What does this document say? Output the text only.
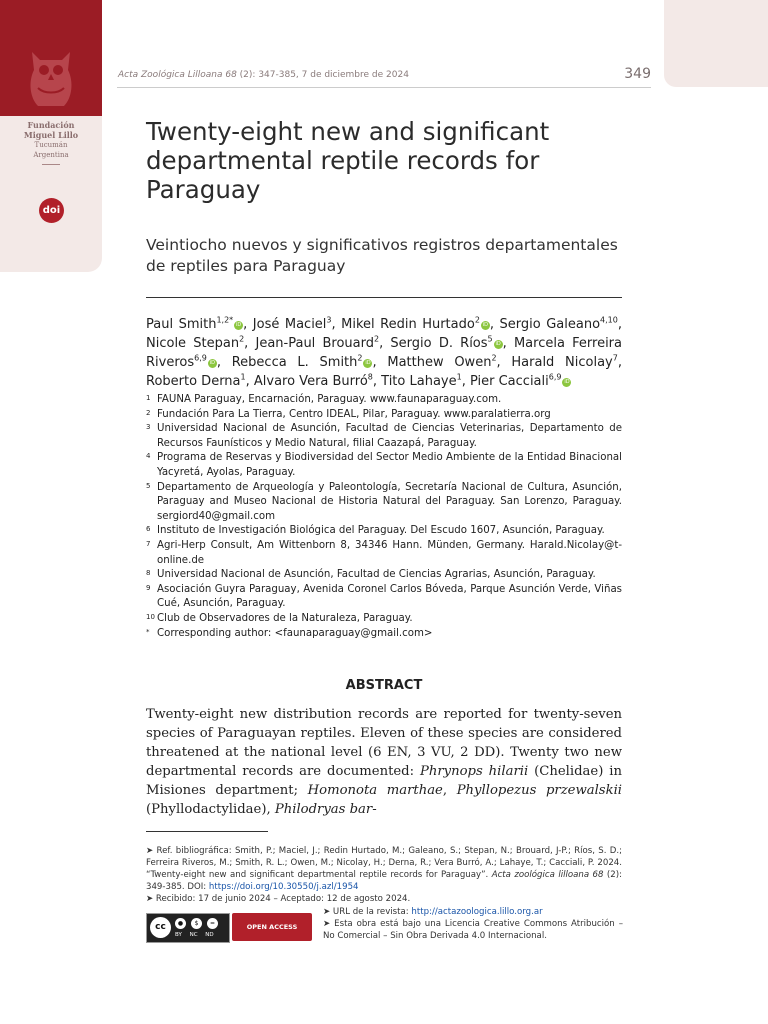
Fundación
Miguel Lillo
Tucumán
Argentina
doi
Acta Zoológica Lilloana 68 (2): 347-385, 7 de diciembre de 2024	349
Twenty-eight new and significant departmental reptile records for Paraguay
Veintiocho nuevos y significativos registros departamentales de reptiles para Paraguay
Paul Smith$^{1,2*}$iD , José Maciel$^3$, Mikel Redin Hurtado$^2$iD , Sergio Galeano$^{4,10}$, Nicole Stepan$^2$, Jean-Paul Brouard$^2$, Sergio D. Ríos$^5$iD , Marcela Ferreira Riveros$^{6,9}$iD , Rebecca L. Smith$^2$iD , Matthew Owen$^2$, Harald Nicolay$^7$, Roberto Derna$^1$, Alvaro Vera Burró$^8$, Tito Lahaye$^1$, Pier Cacciali$^{6,9}$iD
1 FAUNA Paraguay, Encarnación, Paraguay. www.faunaparaguay.com.
2 Fundación Para La Tierra, Centro IDEAL, Pilar, Paraguay. www.paralatierra.org
3 Universidad Nacional de Asunción, Facultad de Ciencias Veterinarias, Departamento de Recursos Faunísticos y Medio Natural, filial Caazapá, Paraguay.
4 Programa de Reservas y Biodiversidad del Sector Medio Ambiente de la Entidad Binacional Yacyretá, Ayolas, Paraguay.
5 Departamento de Arqueología y Paleontología, Secretaría Nacional de Cultura, Asunción, Paraguay and Museo Nacional de Historia Natural del Paraguay. San Lorenzo, Paraguay. sergiord40@gmail.com
6 Instituto de Investigación Biológica del Paraguay. Del Escudo 1607, Asunción, Paraguay.
7 Agri-Herp Consult, Am Wittenborn 8, 34346 Hann. Münden, Germany. Harald.Nicolay@t-online.de
8 Universidad Nacional de Asunción, Facultad de Ciencias Agrarias, Asunción, Paraguay.
9 Asociación Guyra Paraguay, Avenida Coronel Carlos Bóveda, Parque Asunción Verde, Viñas Cué, Asunción, Paraguay.
10 Club de Observadores de la Naturaleza, Paraguay.
* Corresponding author: <faunaparaguay@gmail.com>
ABSTRACT
Twenty-eight new distribution records are reported for twenty-seven species of Paraguayan reptiles. Eleven of these species are considered threatened at the national level (6 EN, 3 VU, 2 DD). Twenty two new departmental records are documented: Phrynops hilarii (Chelidae) in Misiones department; Homonota marthae, Phyllopezus przewalskii (Phyllodactylidae), Philodryas bar-
➤ Ref. bibliográfica: Smith, P.; Maciel, J.; Redin Hurtado, M.; Galeano, S.; Stepan, N.; Brouard, J-P.; Ríos, S. D.; Ferreira Riveros, M.; Smith, R. L.; Owen, M.; Nicolay, H.; Derna, R.; Vera Burró, A.; Lahaye, T.; Cacciali, P. 2024. “Twenty-eight new and significant departmental reptile records for Paraguay”. Acta zoológica lilloana 68 (2): 349-385. DOI: https://doi.org/10.30550/j.azl/1954
➤ Recibido: 17 de junio 2024 – Aceptado: 12 de agosto 2024.
cc	●	$	=
BY NC ND
OPEN ACCESS
➤ URL de la revista: http://actazoologica.lillo.org.ar
➤ Esta obra está bajo una Licencia Creative Commons Atribución – No Comercial – Sin Obra Derivada 4.0 Internacional.
